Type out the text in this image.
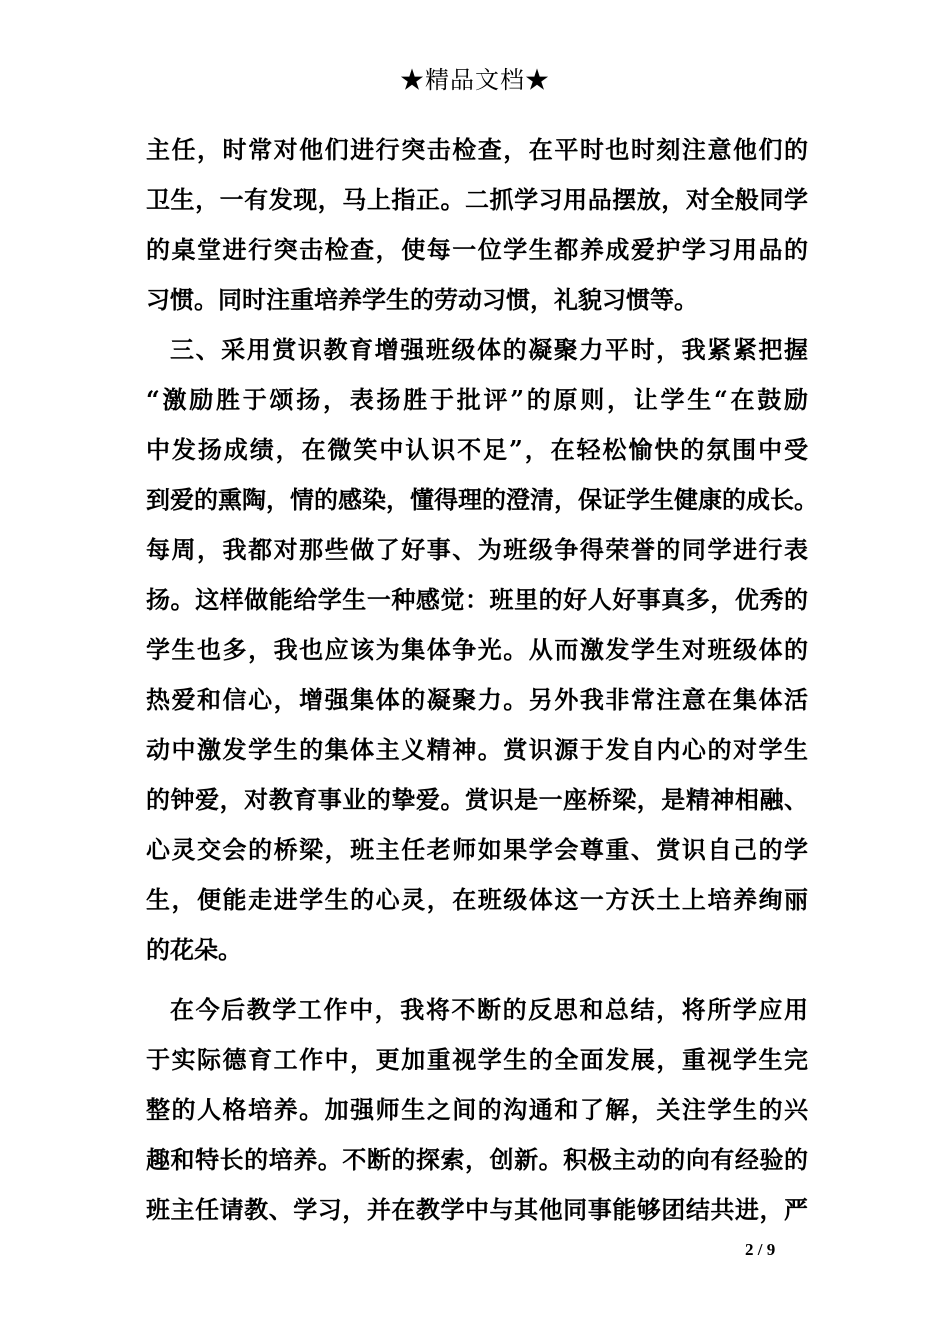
★精品文档★
主任，时常对他们进行突击检查，在平时也时刻注意他们的
卫生，一有发现，马上指正。二抓学习用品摆放，对全般同学
的桌堂进行突击检查，使每一位学生都养成爱护学习用品的
习惯。同时注重培养学生的劳动习惯，礼貌习惯等。
三、采用赏识教育增强班级体的凝聚力平时，我紧紧把握
“激励胜于颂扬，表扬胜于批评”的原则，让学生“在鼓励
中发扬成绩，在微笑中认识不足”，在轻松愉快的氛围中受
到爱的熏陶，情的感染，懂得理的澄清，保证学生健康的成长。
每周，我都对那些做了好事、为班级争得荣誉的同学进行表
扬。这样做能给学生一种感觉：班里的好人好事真多，优秀的
学生也多，我也应该为集体争光。从而激发学生对班级体的
热爱和信心，增强集体的凝聚力。另外我非常注意在集体活
动中激发学生的集体主义精神。赏识源于发自内心的对学生
的钟爱，对教育事业的挚爱。赏识是一座桥梁，是精神相融、
心灵交会的桥梁，班主任老师如果学会尊重、赏识自己的学
生，便能走进学生的心灵，在班级体这一方沃土上培养绚丽
的花朵。
在今后教学工作中，我将不断的反思和总结，将所学应用
于实际德育工作中，更加重视学生的全面发展，重视学生完
整的人格培养。加强师生之间的沟通和了解，关注学生的兴
趣和特长的培养。不断的探索，创新。积极主动的向有经验的
班主任请教、学习，并在教学中与其他同事能够团结共进，严
2 / 9
